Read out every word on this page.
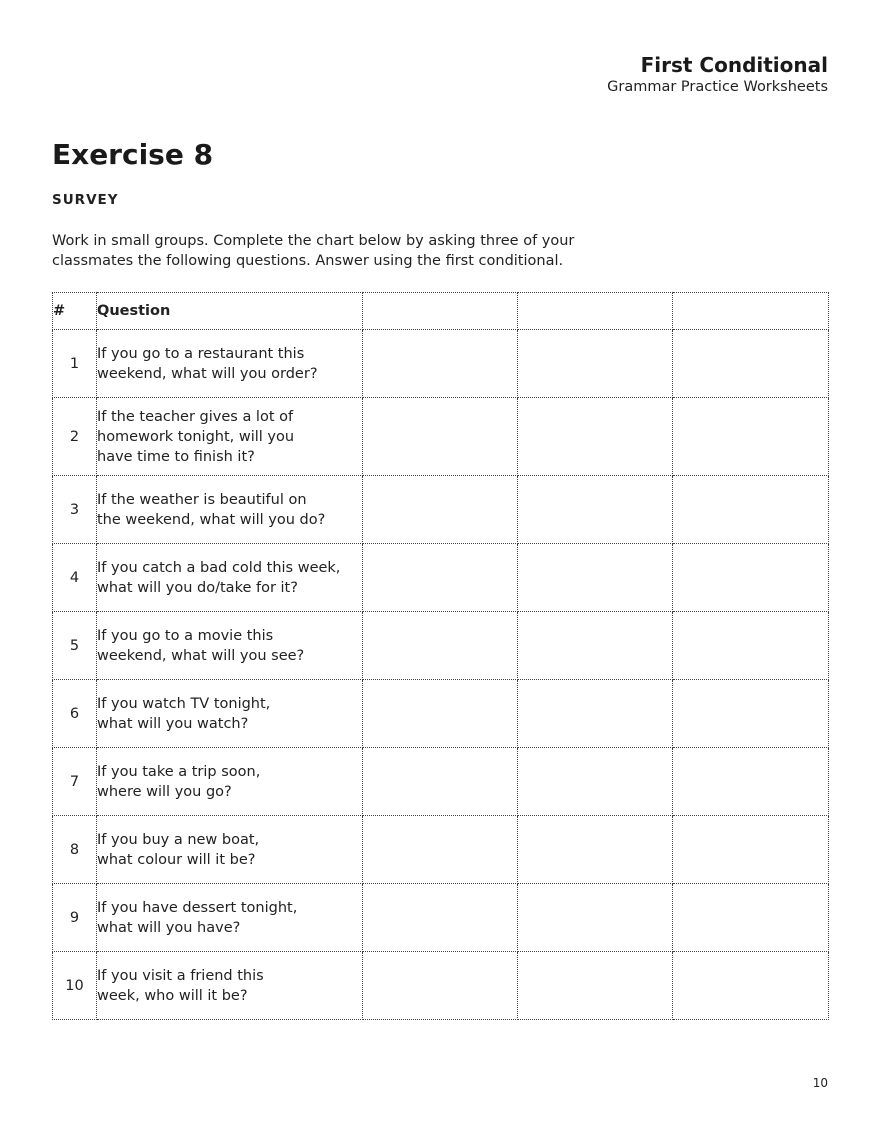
First Conditional
Grammar Practice Worksheets
Exercise 8
SURVEY
Work in small groups. Complete the chart below by asking three of your
classmates the following questions. Answer using the first conditional.
#	Question			
1	If you go to a restaurant this
weekend, what will you order?			

2	If the teacher gives a lot of
homework tonight, will you
have time to finish it?			

3	If the weather is beautiful on
the weekend, what will you do?			

4	If you catch a bad cold this week,
what will you do/take for it?			

5	If you go to a movie this
weekend, what will you see?			

6	If you watch TV tonight,
what will you watch?			

7	If you take a trip soon,
where will you go?			

8	If you buy a new boat,
what colour will it be?			

9	If you have dessert tonight,
what will you have?			

10	If you visit a friend this
week, who will it be?			

10
